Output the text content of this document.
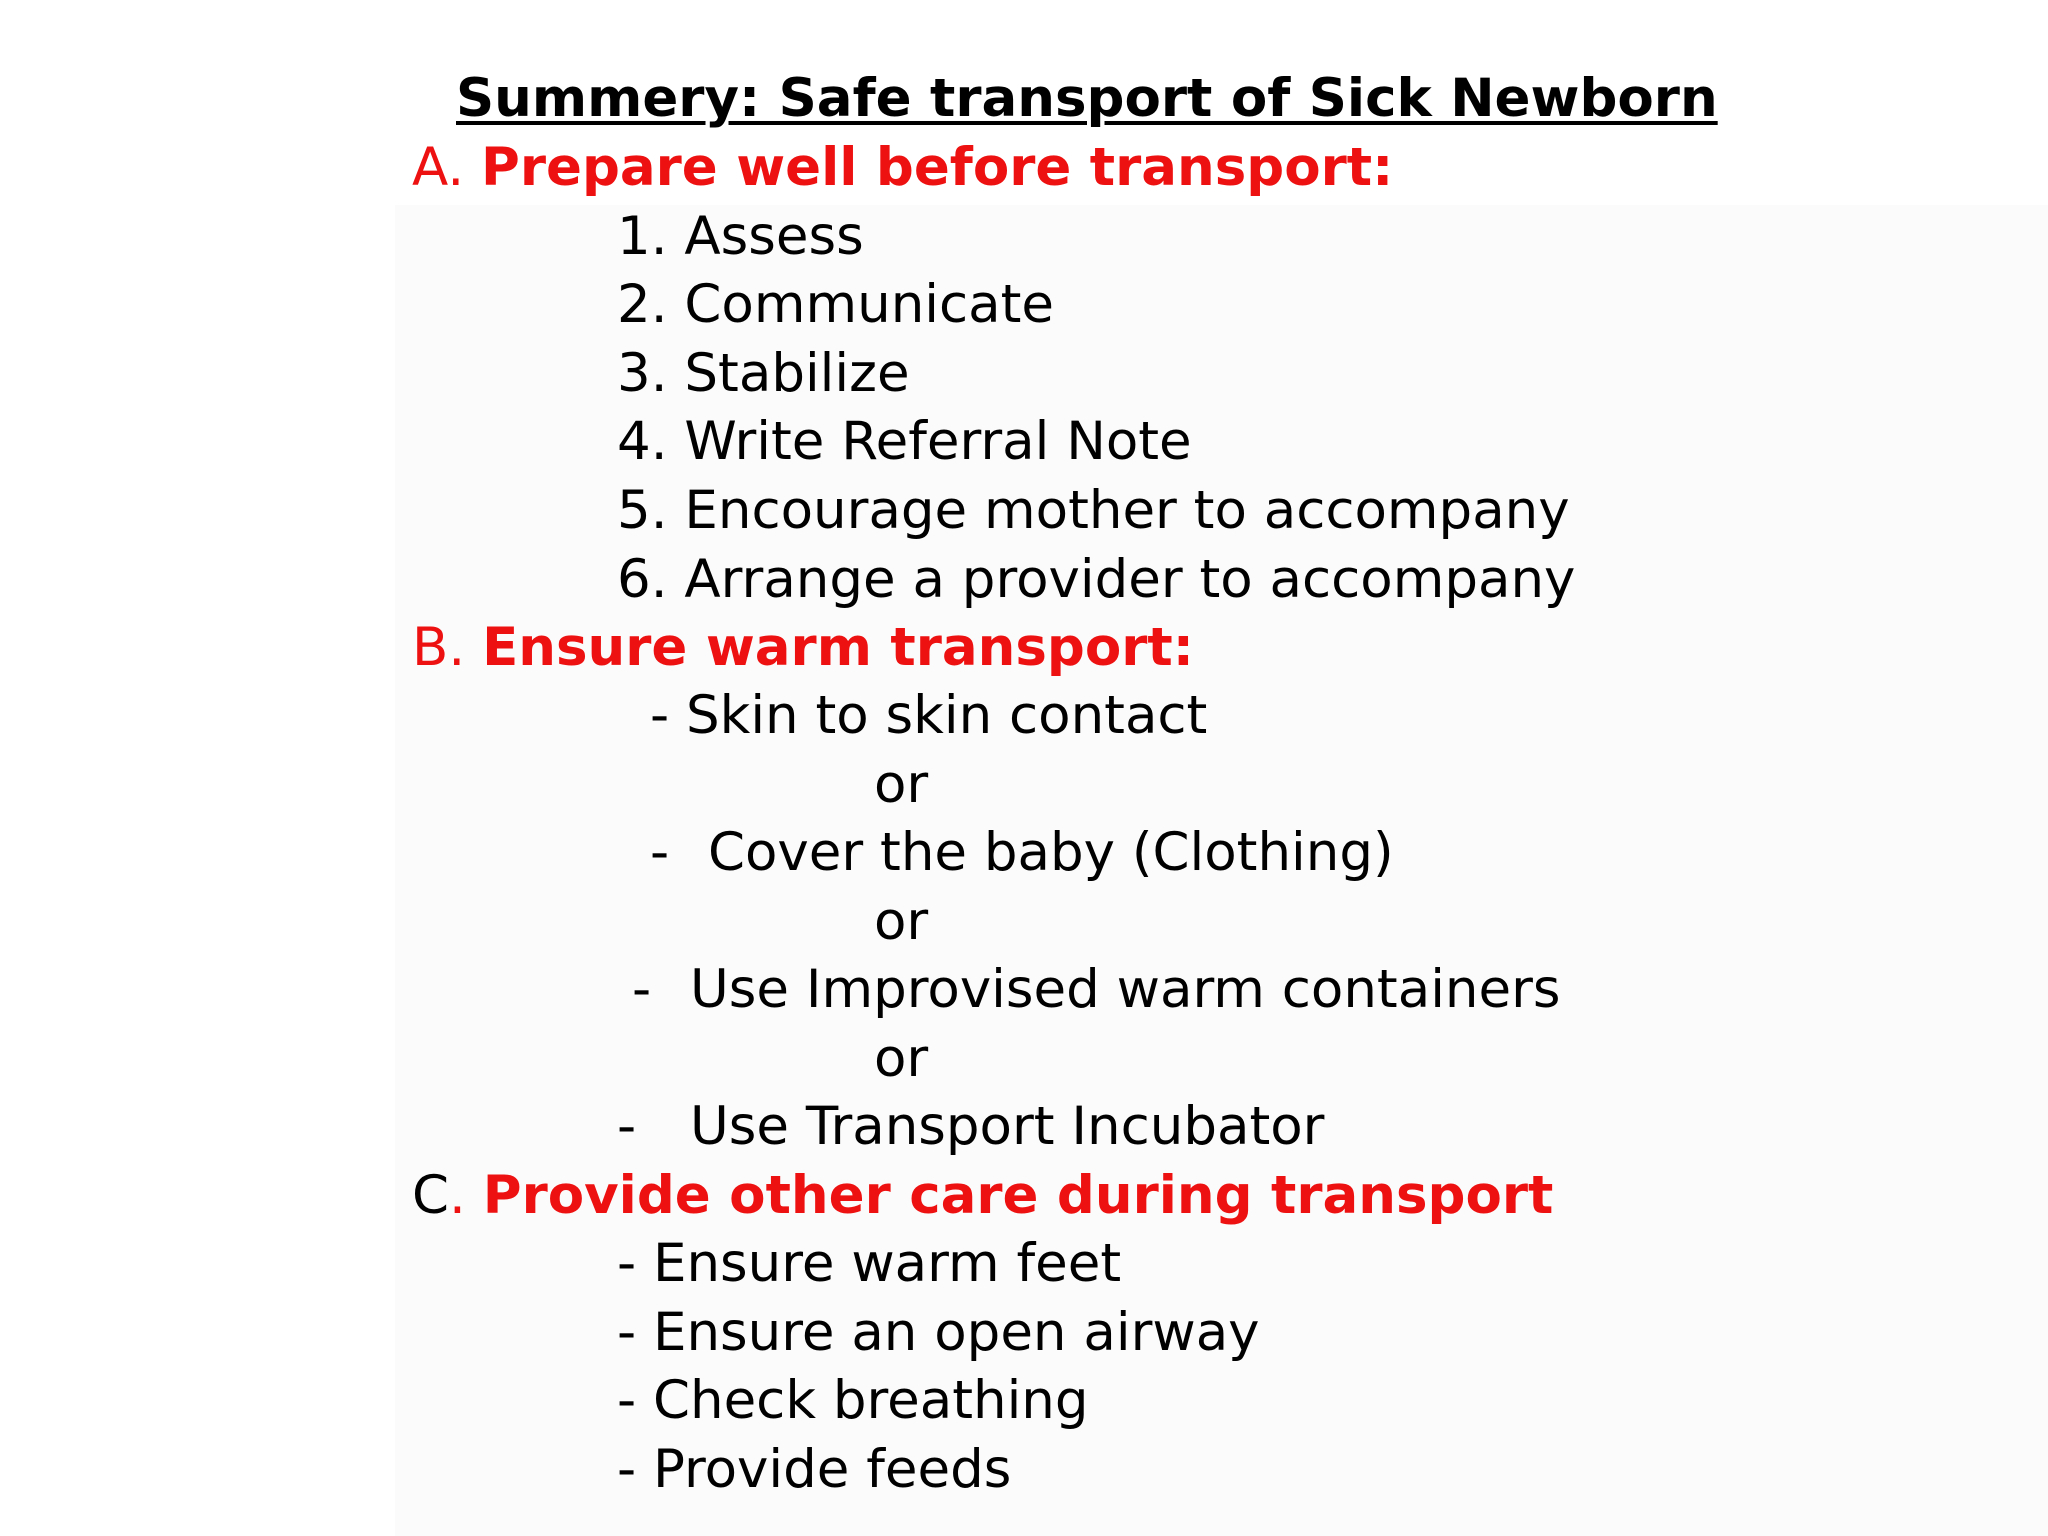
Summery: Safe transport of Sick Newborn
A. Prepare well before transport:
1. Assess
2. Communicate
3. Stabilize
4. Write Referral Note
5. Encourage mother to accompany
6. Arrange a provider to accompany
B. Ensure warm transport:
- Skin to skin contact
or
- Cover the baby (Clothing)
or
- Use Improvised warm containers
or
- Use Transport Incubator
C. Provide other care during transport
- Ensure warm feet
- Ensure an open airway
- Check breathing
- Provide feeds
